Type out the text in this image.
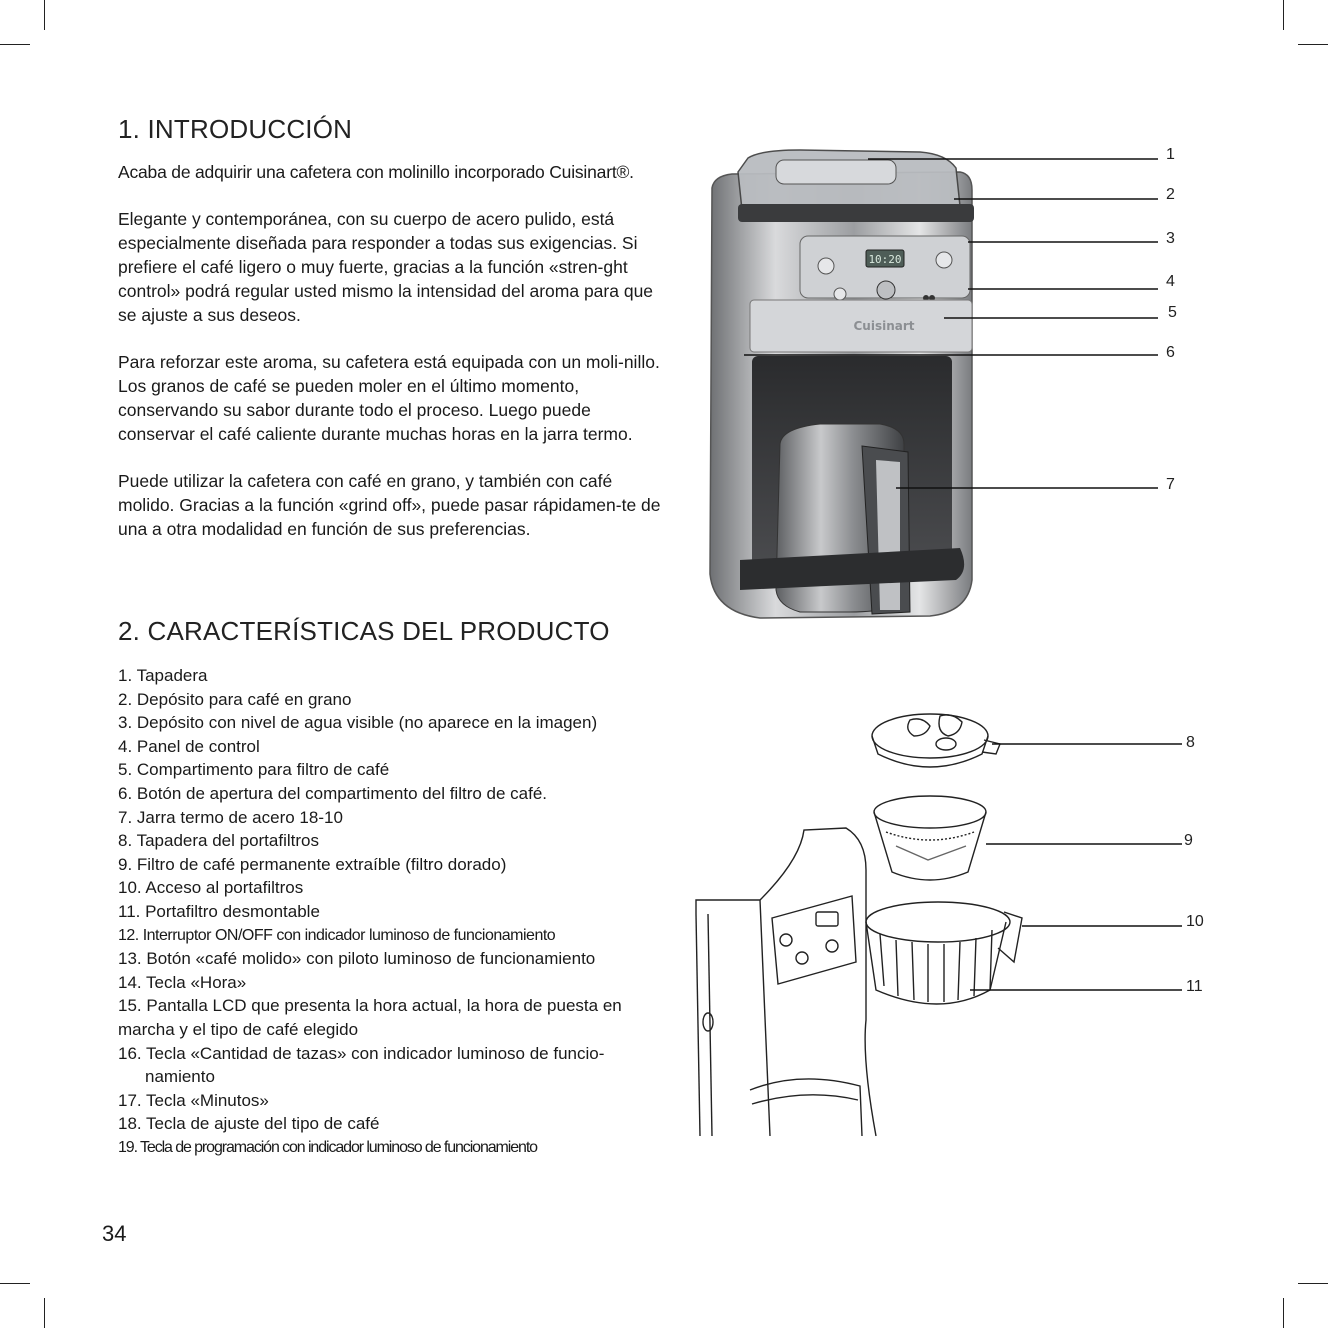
1. INTRODUCCIÓN

Acaba de adquirir una cafetera con molinillo incorporado Cuisinart®.

Elegante y contemporánea, con su cuerpo de acero pulido, está especialmente diseñada para responder a todas sus exigencias. Si prefiere el café ligero o muy fuerte, gracias a la función «stren-ght control» podrá regular usted mismo la intensidad del aroma para que se ajuste a sus deseos.

Para reforzar este aroma, su cafetera está equipada con un moli-nillo. Los granos de café se pueden moler en el último momento, conservando su sabor durante todo el proceso. Luego puede conservar el café caliente durante muchas horas en la jarra termo.

Puede utilizar la cafetera con café en grano, y también con café molido. Gracias a la función «grind off», puede pasar rápidamen-te de una a otra modalidad en función de sus preferencias.

2. CARACTERÍSTICAS DEL PRODUCTO
1. Tapadera
2. Depósito para café en grano
3. Depósito con nivel de agua visible (no aparece en la imagen)
4. Panel de control
5. Compartimento para filtro de café
6. Botón de apertura del compartimento del filtro de café.
7. Jarra termo de acero 18-10
8. Tapadera del portafiltros
9. Filtro de café permanente extraíble (filtro dorado)
10. Acceso al portafiltros
11. Portafiltro desmontable
12. Interruptor ON/OFF con indicador luminoso de funcionamiento
13. Botón «café molido» con piloto luminoso de funcionamiento
14. Tecla «Hora»
15. Pantalla LCD que presenta la hora actual, la hora de puesta en marcha y el tipo de café elegido
16. Tecla «Cantidad de tazas» con indicador luminoso de funcio-namiento
17. Tecla «Minutos»
18. Tecla de ajuste del tipo de café
19. Tecla de programación con indicador luminoso de funcionamiento
10:20
Cuisinart
1
2
3
4
5
6
7
8
9
10
11
34
